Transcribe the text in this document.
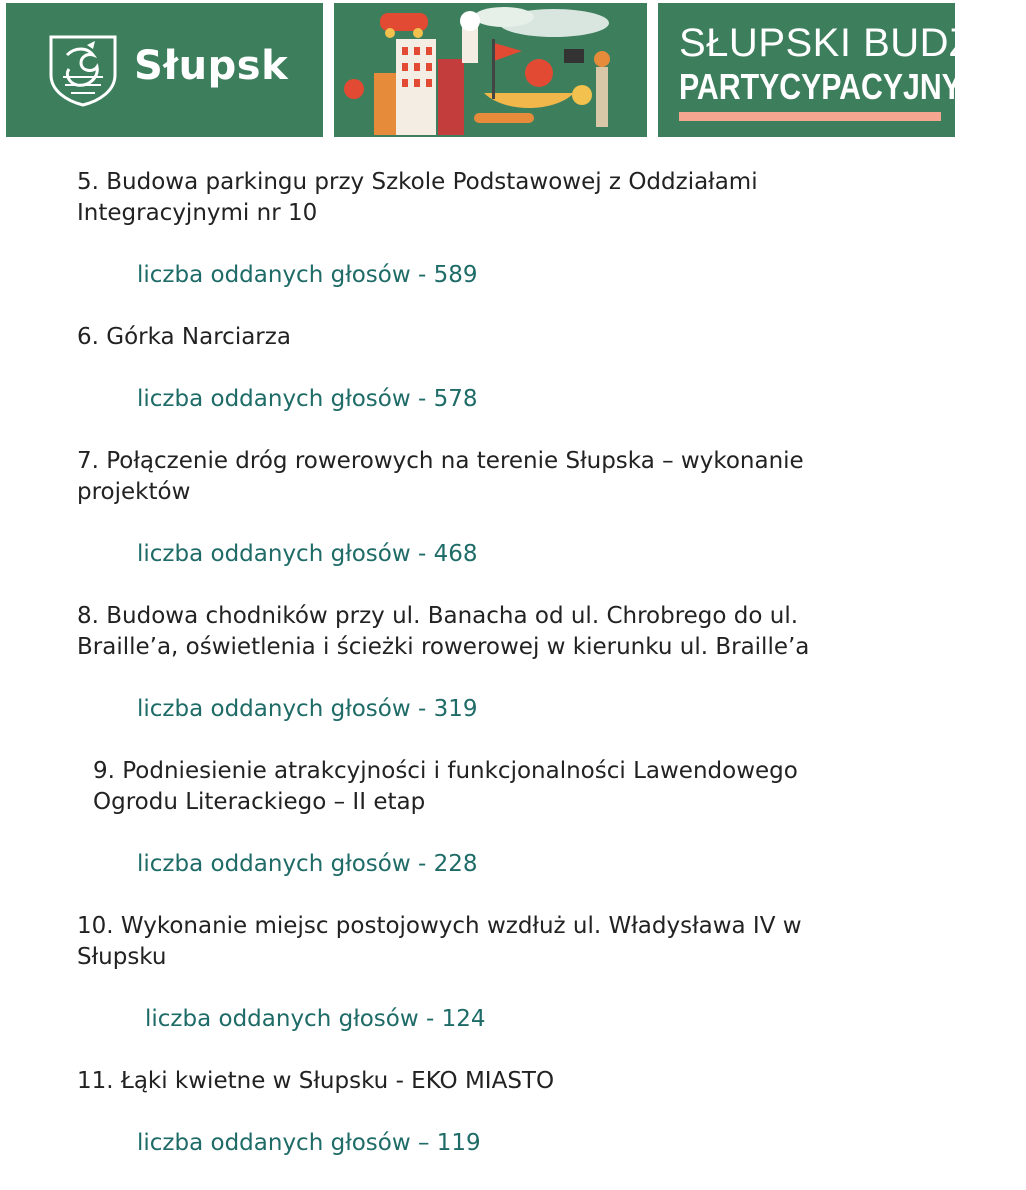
Słupsk	SŁUPSKI BUDŻET
PARTYCYPACYJNY

5. Budowa parkingu przy Szkole Podstawowej z Oddziałami Integracyjnymi nr 10

liczba oddanych głosów - 589

6. Górka Narciarza

liczba oddanych głosów - 578

7. Połączenie dróg rowerowych na terenie Słupska – wykonanie projektów

liczba oddanych głosów - 468

8. Budowa chodników przy ul. Banacha od ul. Chrobrego do ul. Braille’a, oświetlenia i ścieżki rowerowej w kierunku ul. Braille’a

liczba oddanych głosów - 319

9. Podniesienie atrakcyjności i funkcjonalności Lawendowego Ogrodu Literackiego – II etap

liczba oddanych głosów - 228

10. Wykonanie miejsc postojowych wzdłuż ul. Władysława IV w Słupsku

liczba oddanych głosów - 124

11. Łąki kwietne w Słupsku - EKO MIASTO

liczba oddanych głosów – 119
